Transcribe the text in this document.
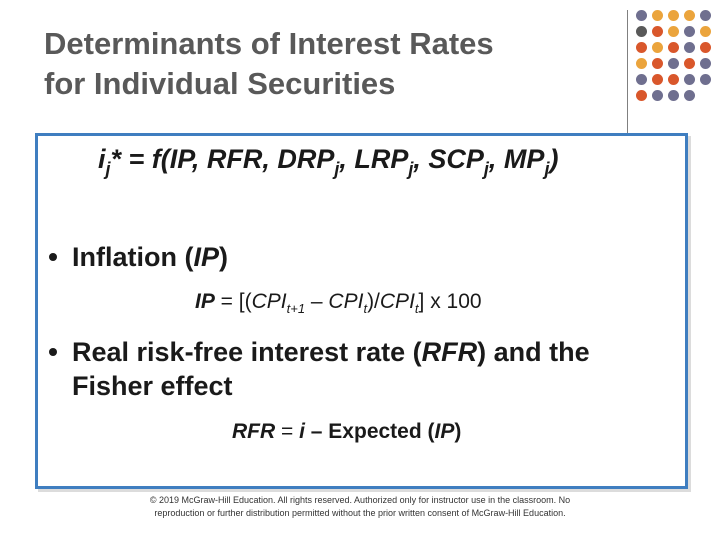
Determinants of Interest Rates
for Individual Securities
$i_j* = f(IP$, RFR, $DRP_j$, $LRP_j$, $SCP_j$, $MP_j$)
Inflation (IP)
IP = $[(CPI_{t+1} - CPI_t)/CPI_t]$ x 100
Real risk-free interest rate (RFR) and the
Fisher effect
RFR = i – Expected (IP)
© 2019 McGraw-Hill Education. All rights reserved. Authorized only for instructor use in the classroom. No
reproduction or further distribution permitted without the prior written consent of McGraw-Hill Education.
